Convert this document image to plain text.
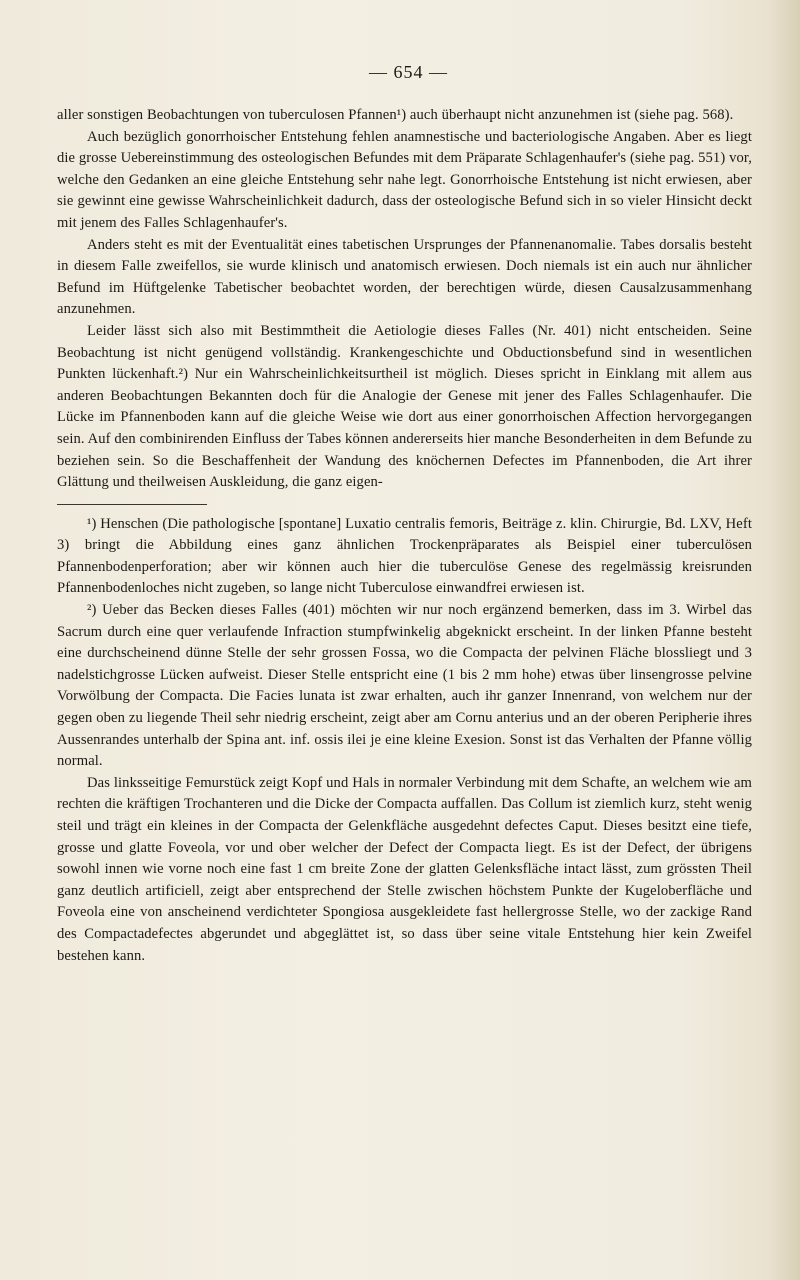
— 654 —

aller sonstigen Beobachtungen von tuberculosen Pfannen¹) auch überhaupt nicht anzunehmen ist (siehe pag. 568).

Auch bezüglich gonorrhoischer Entstehung fehlen anamnestische und bacteriologische Angaben. Aber es liegt die grosse Uebereinstimmung des osteologischen Befundes mit dem Präparate Schlagenhaufer's (siehe pag. 551) vor, welche den Gedanken an eine gleiche Entstehung sehr nahe legt. Gonorrhoische Entstehung ist nicht erwiesen, aber sie gewinnt eine gewisse Wahrscheinlichkeit dadurch, dass der osteologische Befund sich in so vieler Hinsicht deckt mit jenem des Falles Schlagenhaufer's.

Anders steht es mit der Eventualität eines tabetischen Ursprunges der Pfannenanomalie. Tabes dorsalis besteht in diesem Falle zweifellos, sie wurde klinisch und anatomisch erwiesen. Doch niemals ist ein auch nur ähnlicher Befund im Hüftgelenke Tabetischer beobachtet worden, der berechtigen würde, diesen Causalzusammenhang anzunehmen.

Leider lässt sich also mit Bestimmtheit die Aetiologie dieses Falles (Nr. 401) nicht entscheiden. Seine Beobachtung ist nicht genügend vollständig. Krankengeschichte und Obductionsbefund sind in wesentlichen Punkten lückenhaft.²) Nur ein Wahrscheinlichkeitsurtheil ist möglich. Dieses spricht in Einklang mit allem aus anderen Beobachtungen Bekannten doch für die Analogie der Genese mit jener des Falles Schlagenhaufer. Die Lücke im Pfannenboden kann auf die gleiche Weise wie dort aus einer gonorrhoischen Affection hervorgegangen sein. Auf den combinirenden Einfluss der Tabes können andererseits hier manche Besonderheiten in dem Befunde zu beziehen sein. So die Beschaffenheit der Wandung des knöchernen Defectes im Pfannenboden, die Art ihrer Glättung und theilweisen Auskleidung, die ganz eigen-

¹) Henschen (Die pathologische [spontane] Luxatio centralis femoris, Beiträge z. klin. Chirurgie, Bd. LXV, Heft 3) bringt die Abbildung eines ganz ähnlichen Trockenpräparates als Beispiel einer tuberculösen Pfannenbodenperforation; aber wir können auch hier die tuberculöse Genese des regelmässig kreisrunden Pfannenbodenloches nicht zugeben, so lange nicht Tuberculose einwandfrei erwiesen ist.

²) Ueber das Becken dieses Falles (401) möchten wir nur noch ergänzend bemerken, dass im 3. Wirbel das Sacrum durch eine quer verlaufende Infraction stumpfwinkelig abgeknickt erscheint. In der linken Pfanne besteht eine durchscheinend dünne Stelle der sehr grossen Fossa, wo die Compacta der pelvinen Fläche blossliegt und 3 nadelstichgrosse Lücken aufweist. Dieser Stelle entspricht eine (1 bis 2 mm hohe) etwas über linsengrosse pelvine Vorwölbung der Compacta. Die Facies lunata ist zwar erhalten, auch ihr ganzer Innenrand, von welchem nur der gegen oben zu liegende Theil sehr niedrig erscheint, zeigt aber am Cornu anterius und an der oberen Peripherie ihres Aussenrandes unterhalb der Spina ant. inf. ossis ilei je eine kleine Exesion. Sonst ist das Verhalten der Pfanne völlig normal.

Das linksseitige Femurstück zeigt Kopf und Hals in normaler Verbindung mit dem Schafte, an welchem wie am rechten die kräftigen Trochanteren und die Dicke der Compacta auffallen. Das Collum ist ziemlich kurz, steht wenig steil und trägt ein kleines in der Compacta der Gelenkfläche ausgedehnt defectes Caput. Dieses besitzt eine tiefe, grosse und glatte Foveola, vor und ober welcher der Defect der Compacta liegt. Es ist der Defect, der übrigens sowohl innen wie vorne noch eine fast 1 cm breite Zone der glatten Gelenksfläche intact lässt, zum grössten Theil ganz deutlich artificiell, zeigt aber entsprechend der Stelle zwischen höchstem Punkte der Kugeloberfläche und Foveola eine von anscheinend verdichteter Spongiosa ausgekleidete fast hellergrosse Stelle, wo der zackige Rand des Compactadefectes abgerundet und abgeglättet ist, so dass über seine vitale Entstehung hier kein Zweifel bestehen kann.
